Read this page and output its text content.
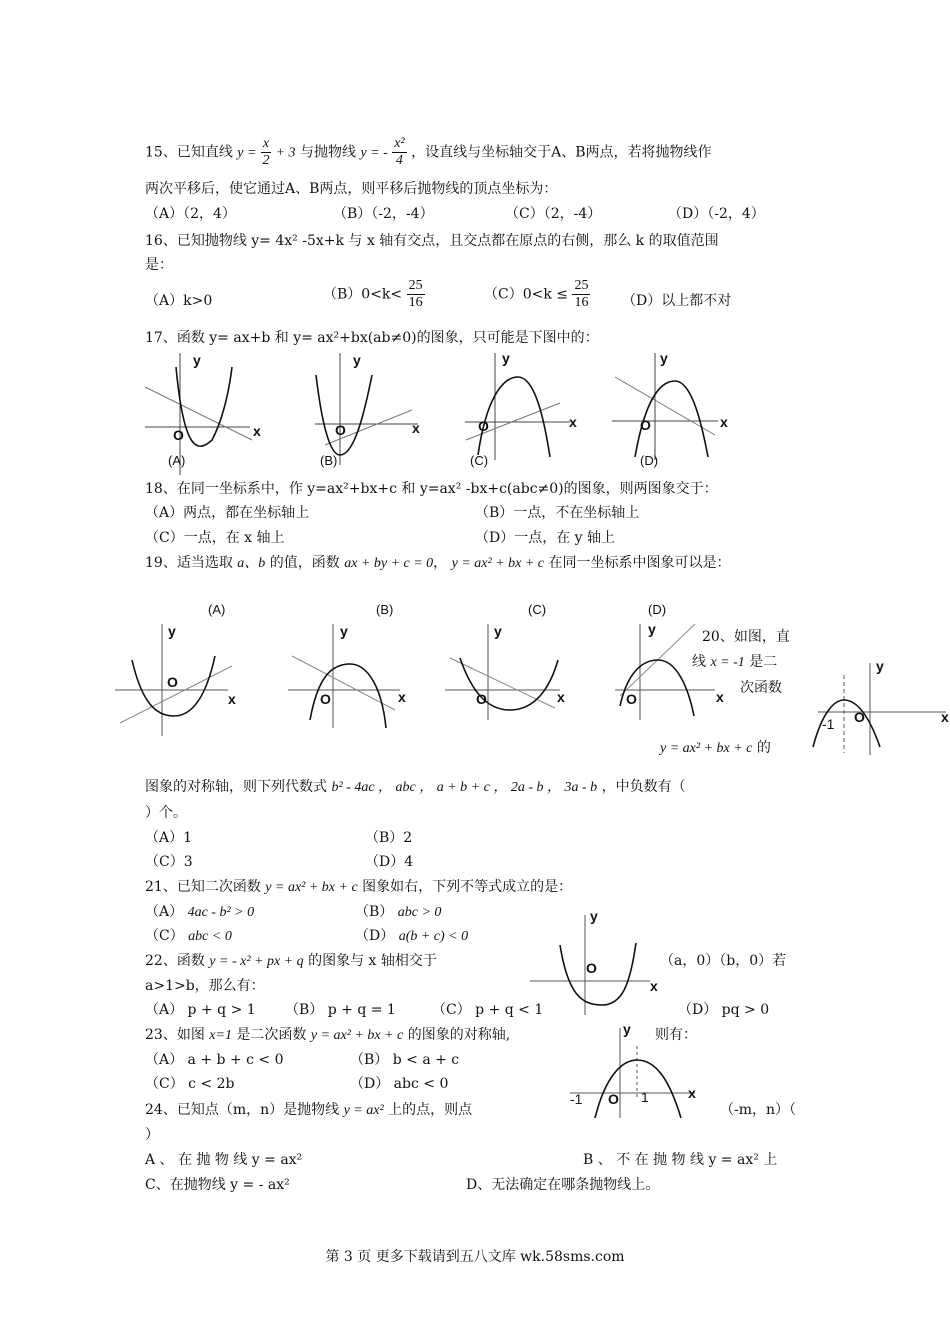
15、已知直线 $y = \frac{x}{2} + 3$ 与抛物线 y = - $\frac{\text{x²}}{4}$ ，设直线与坐标轴交于A、B两点，若将抛物线作
两次平移后，使它通过A、B两点，则平移后抛物线的顶点坐标为：
（A）（2，4）	（B）（-2，-4）	（C）（2，-4）	（D）（-2，4）
16、已知抛物线 y= 4x² -5x+k 与 x 轴有交点，且交点都在原点的右侧，那么 k 的取值范围
是：
（A）k>0	$(B)0<k< \frac{25}{16}$	$(C)0<k \le \frac{25}{16} (D)$以上都不对
17、函数 y= ax+b 和 y= ax²+bx(ab≠0)的图象，只可能是下图中的：
y
x
O
y
x
O
y
x
O
y
x
O
(A)	(B)	(C)	(D)
18、在同一坐标系中，作 y=ax²+bx+c 和 y=ax² -bx+c(abc≠0)的图象，则两图象交于：
（A）两点，都在坐标轴上	（B）一点，不在坐标轴上
（C）一点，在 x 轴上	（D）一点，在 y 轴上
19、适当选取 a、b 的值，函数 ax + by + c = 0， y = ax² + bx + c 在同一坐标系中图象可以是：
(A)	(B)	(C)	(D)
y
x
O
y
x
O
y
x
O
y
x
O
20、如图，直
线 x = -1 是二
次函数
y = ax² + bx + c 的
y
x
O
-1
图象的对称轴，则下列代数式 b² - 4ac ， abc ， a + b + c ， 2a - b ， 3a - b ，中负数有（
）个。
（A）1	（B）2
（C）3	（D）4
21、已知二次函数 y = ax² + bx + c 图象如右，下列不等式成立的是：
（A） 4ac - b² > 0	（B） abc > 0
（C） abc < 0	（D） a(b + c) < 0
y
x
O
22、函数 y = - x² + px + q 的图象与 x 轴相交于	（a，0）（b，0）若
a>1>b，那么有：
（A） p + q > 1 （B） p + q = 1	（C） p + q < 1	（D） pq > 0
23、如图 x=1 是二次函数 y = ax² + bx + c 的图象的对称轴,	则有：
（A） a + b + c < 0	（B） b < a + c
（C） c < 2b	（D） abc < 0
y
x
O
-1	1
24、已知点（m，n）是抛物线 y = ax² 上的点，则点	（-m，n）（
）
A 、 在 抛 物 线 y = ax²	B 、 不 在 抛 物 线 y = ax² 上
C、在抛物线 y = - ax²	D、无法确定在哪条抛物线上。
第 3 页 更多下载请到五八文库 wk.58sms.com
